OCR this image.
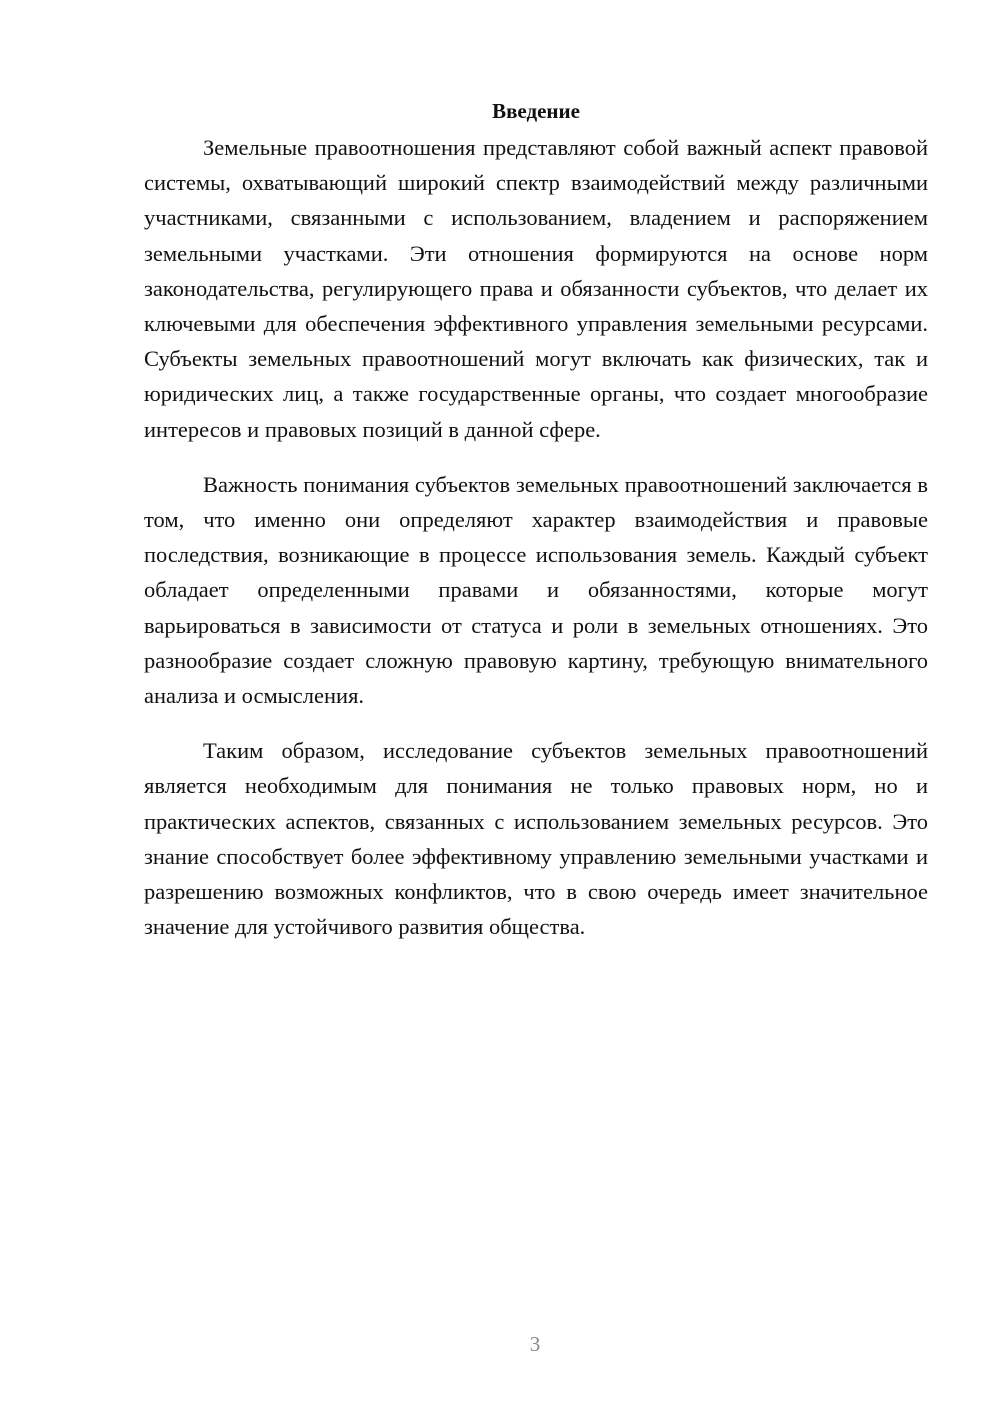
Введение

Земельные правоотношения представляют собой важный аспект правовой системы, охватывающий широкий спектр взаимодействий между различными участниками, связанными с использованием, владением и распоряжением земельными участками. Эти отношения формируются на основе норм законодательства, регулирующего права и обязанности субъектов, что делает их ключевыми для обеспечения эффективного управления земельными ресурсами. Субъекты земельных правоотношений могут включать как физических, так и юридических лиц, а также государственные органы, что создает многообразие интересов и правовых позиций в данной сфере.

Важность понимания субъектов земельных правоотношений заключается в том, что именно они определяют характер взаимодействия и правовые последствия, возникающие в процессе использования земель. Каждый субъект обладает определенными правами и обязанностями, которые могут варьироваться в зависимости от статуса и роли в земельных отношениях. Это разнообразие создает сложную правовую картину, требующую внимательного анализа и осмысления.

Таким образом, исследование субъектов земельных правоотношений является необходимым для понимания не только правовых норм, но и практических аспектов, связанных с использованием земельных ресурсов. Это знание способствует более эффективному управлению земельными участками и разрешению возможных конфликтов, что в свою очередь имеет значительное значение для устойчивого развития общества.

3
